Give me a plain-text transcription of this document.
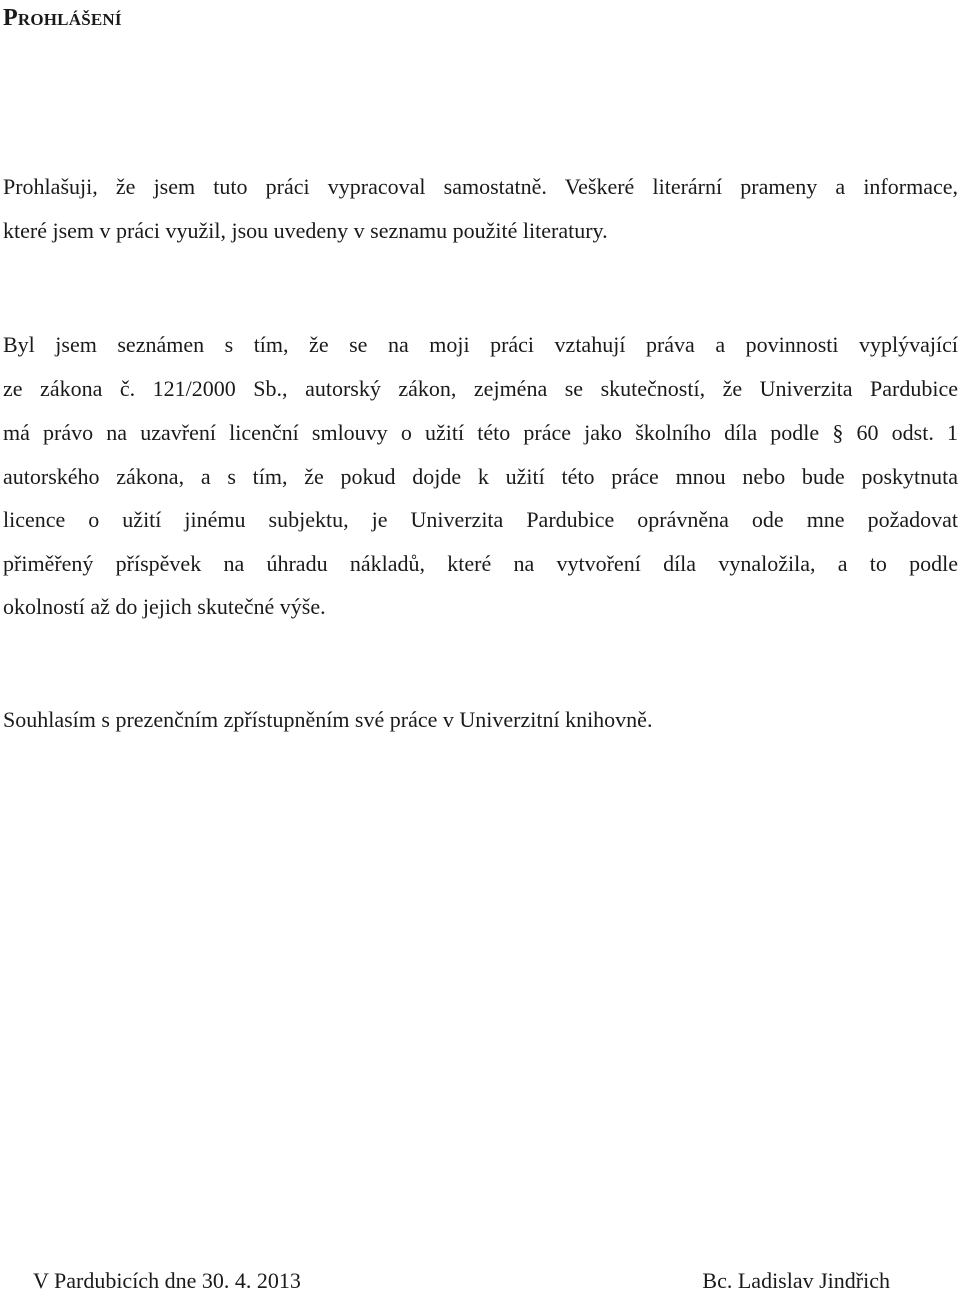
Prohlášení

Prohlašuji, že jsem tuto práci vypracoval samostatně. Veškeré literární prameny a informace,

které jsem v práci využil, jsou uvedeny v seznamu použité literatury.

Byl jsem seznámen s tím, že se na moji práci vztahují práva a povinnosti vyplývající

ze zákona č. 121/2000 Sb., autorský zákon, zejména se skutečností, že Univerzita Pardubice

má právo na uzavření licenční smlouvy o užití této práce jako školního díla podle § 60 odst. 1

autorského zákona, a s tím, že pokud dojde k užití této práce mnou nebo bude poskytnuta

licence o užití jinému subjektu, je Univerzita Pardubice oprávněna ode mne požadovat

přiměřený příspěvek na úhradu nákladů, které na vytvoření díla vynaložila, a to podle

okolností až do jejich skutečné výše.

Souhlasím s prezenčním zpřístupněním své práce v Univerzitní knihovně.

V Pardubicích dne 30. 4. 2013	Bc. Ladislav Jindřich
